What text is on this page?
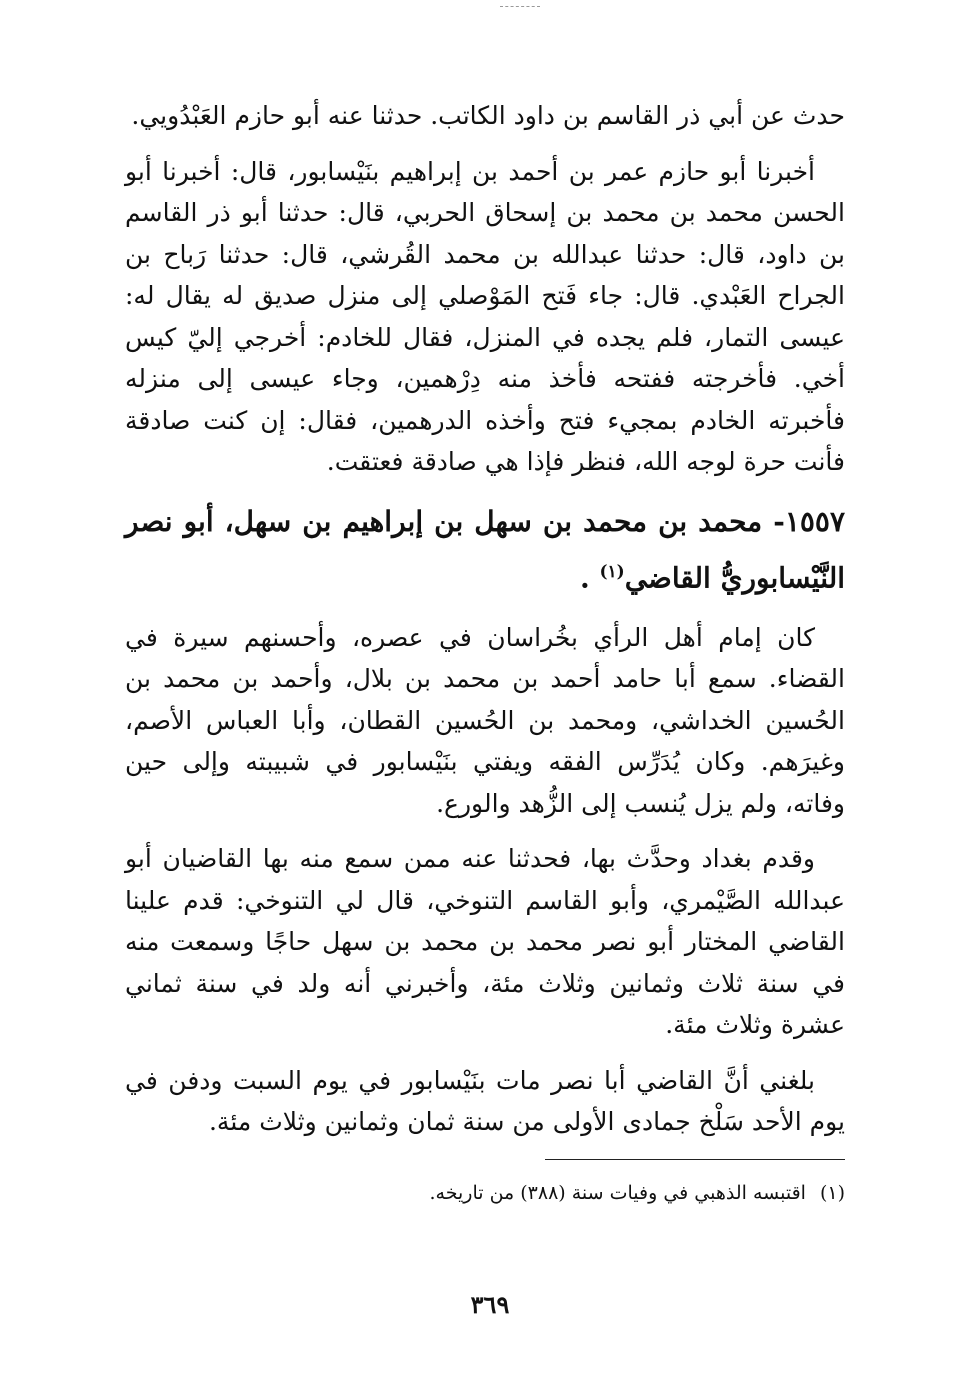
حدث عن أبي ذر القاسم بن داود الكاتب. حدثنا عنه أبو حازم العَبْدُويي.

أخبرنا أبو حازم عمر بن أحمد بن إبراهيم بنَيْسابور، قال: أخبرنا أبو الحسن محمد بن محمد بن إسحاق الحربي، قال: حدثنا أبو ذر القاسم بن داود، قال: حدثنا عبدالله بن محمد القُرشي، قال: حدثنا رَباح بن الجراح العَبْدي. قال: جاء فَتح المَوْصلي إلى منزل صديق له يقال له: عيسى التمار، فلم يجده في المنزل، فقال للخادم: أخرجي إليّ كيس أخي. فأخرجته ففتحه فأخذ منه دِرْهمين، وجاء عيسى إلى منزله فأخبرته الخادم بمجيء فتح وأخذه الدرهمين، فقال: إن كنت صادقة فأنت حرة لوجه الله، فنظر فإذا هي صادقة فعتقت.

١٥٥٧- محمد بن محمد بن سهل بن إبراهيم بن سهل، أبو نصر النَّيْسابوريُّ القاضي$^{(١)}$ .

كان إمام أهل الرأي بخُراسان في عصره، وأحسنهم سيرة في القضاء. سمع أبا حامد أحمد بن محمد بن بلال، وأحمد بن محمد بن الحُسين الخداشي، ومحمد بن الحُسين القطان، وأبا العباس الأصم، وغيرَهم. وكان يُدَرِّس الفقه ويفتي بنَيْسابور في شبيبته وإلى حين وفاته، ولم يزل يُنسب إلى الزُّهد والورع.

وقدم بغداد وحدَّث بها، فحدثنا عنه ممن سمع منه بها القاضيان أبو عبدالله الصَّيْمري، وأبو القاسم التنوخي، قال لي التنوخي: قدم علينا القاضي المختار أبو نصر محمد بن محمد بن سهل حاجًا وسمعت منه في سنة ثلاث وثمانين وثلاث مئة، وأخبرني أنه ولد في سنة ثماني عشرة وثلاث مئة.

بلغني أنَّ القاضي أبا نصر مات بنَيْسابور في يوم السبت ودفن في يوم الأحد سَلْخ جمادى الأولى من سنة ثمان وثمانين وثلاث مئة.

(١)اقتبسه الذهبي في وفيات سنة (٣٨٨) من تاريخه.
٣٦٩
